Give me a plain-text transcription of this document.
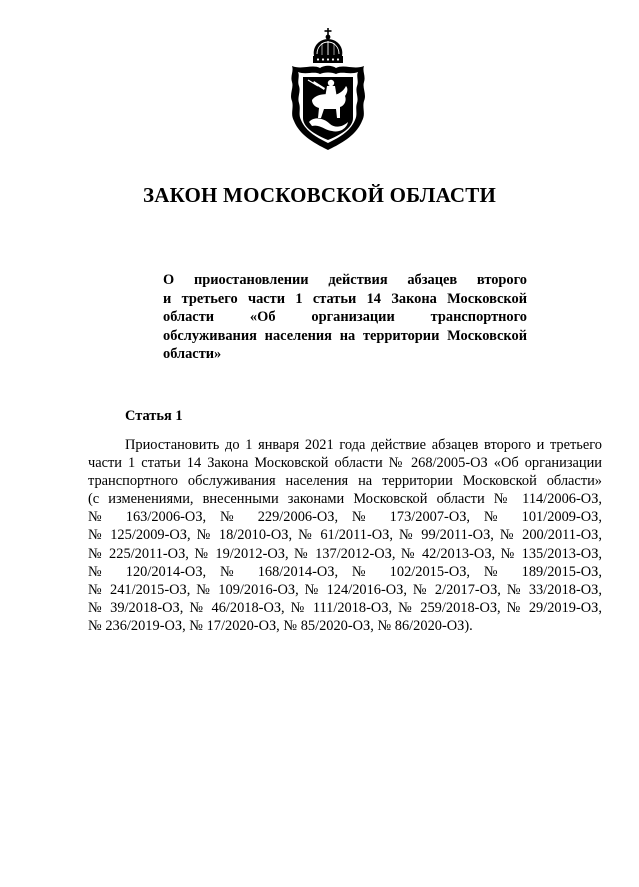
ЗАКОН МОСКОВСКОЙ ОБЛАСТИ
О приостановлении действия абзацев второго
и третьего части 1 статьи 14 Закона Московской
области «Об организации транспортного
обслуживания населения на территории Московской
области»
Статья 1
Приостановить до 1 января 2021 года действие абзацев второго и третьего
части 1 статьи 14 Закона Московской области № 268/2005-ОЗ «Об организации
транспортного обслуживания населения на территории Московской области»
(с изменениями, внесенными законами Московской области № 114/2006-ОЗ,
№ 163/2006-ОЗ, № 229/2006-ОЗ, № 173/2007-ОЗ, № 101/2009-ОЗ,
№ 125/2009-ОЗ, № 18/2010-ОЗ, № 61/2011-ОЗ, № 99/2011-ОЗ, № 200/2011-ОЗ,
№ 225/2011-ОЗ, № 19/2012-ОЗ, № 137/2012-ОЗ, № 42/2013-ОЗ, № 135/2013-ОЗ,
№ 120/2014-ОЗ, № 168/2014-ОЗ, № 102/2015-ОЗ, № 189/2015-ОЗ,
№ 241/2015-ОЗ, № 109/2016-ОЗ, № 124/2016-ОЗ, № 2/2017-ОЗ, № 33/2018-ОЗ,
№ 39/2018-ОЗ, № 46/2018-ОЗ, № 111/2018-ОЗ, № 259/2018-ОЗ, № 29/2019-ОЗ,
№ 236/2019-ОЗ, № 17/2020-ОЗ, № 85/2020-ОЗ, № 86/2020-ОЗ).
